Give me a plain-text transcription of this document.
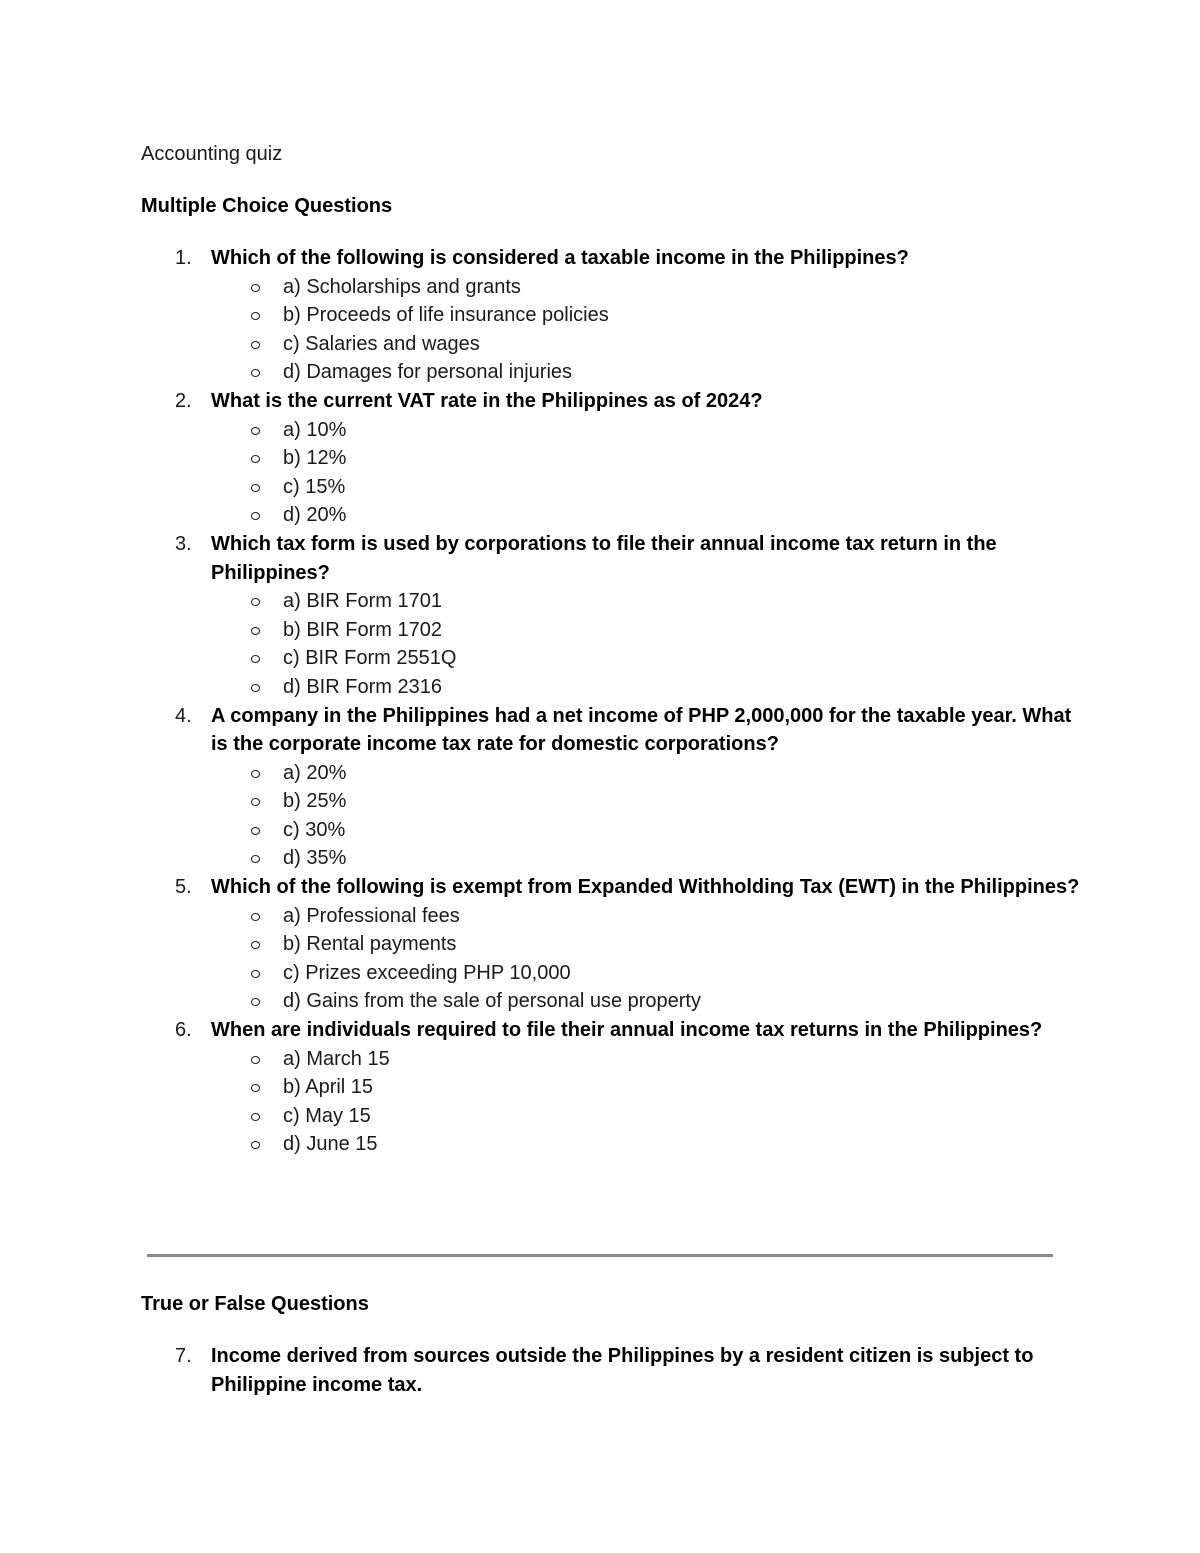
Accounting quiz
Multiple Choice Questions
1. Which of the following is considered a taxable income in the Philippines?
a) Scholarships and grants
b) Proceeds of life insurance policies
c) Salaries and wages
d) Damages for personal injuries
2. What is the current VAT rate in the Philippines as of 2024?
a) 10%
b) 12%
c) 15%
d) 20%
3. Which tax form is used by corporations to file their annual income tax return in the Philippines?
a) BIR Form 1701
b) BIR Form 1702
c) BIR Form 2551Q
d) BIR Form 2316
4. A company in the Philippines had a net income of PHP 2,000,000 for the taxable year. What is the corporate income tax rate for domestic corporations?
a) 20%
b) 25%
c) 30%
d) 35%
5. Which of the following is exempt from Expanded Withholding Tax (EWT) in the Philippines?
a) Professional fees
b) Rental payments
c) Prizes exceeding PHP 10,000
d) Gains from the sale of personal use property
6. When are individuals required to file their annual income tax returns in the Philippines?
a) March 15
b) April 15
c) May 15
d) June 15
True or False Questions
7. Income derived from sources outside the Philippines by a resident citizen is subject to Philippine income tax.
